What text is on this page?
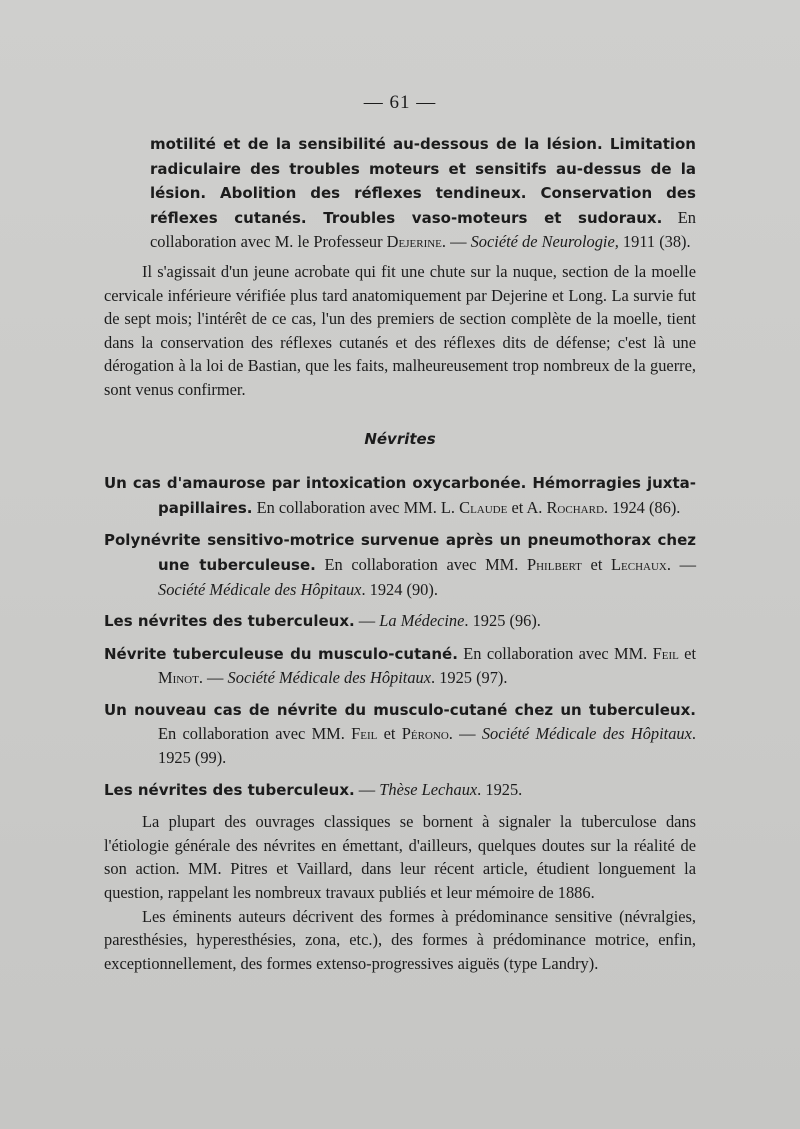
— 61 —

motilité et de la sensibilité au-dessous de la lésion. Limitation radiculaire des troubles moteurs et sensitifs au-dessus de la lésion. Abolition des réflexes tendineux. Conservation des réflexes cutanés. Troubles vaso-moteurs et sudoraux. En collaboration avec M. le Professeur Dejerine. — Société de Neurologie, 1911 (38).

Il s'agissait d'un jeune acrobate qui fit une chute sur la nuque, section de la moelle cervicale inférieure vérifiée plus tard anatomiquement par Dejerine et Long. La survie fut de sept mois; l'intérêt de ce cas, l'un des premiers de section complète de la moelle, tient dans la conservation des réflexes cutanés et des réflexes dits de défense; c'est là une dérogation à la loi de Bastian, que les faits, malheureusement trop nombreux de la guerre, sont venus confirmer.

Névrites

Un cas d'amaurose par intoxication oxycarbonée. Hémorragies juxta-papillaires. En collaboration avec MM. L. Claude et A. Rochard. 1924 (86).

Polynévrite sensitivo-motrice survenue après un pneumothorax chez une tuberculeuse. En collaboration avec MM. Philbert et Lechaux. — Société Médicale des Hôpitaux. 1924 (90).

Les névrites des tuberculeux. — La Médecine. 1925 (96).

Névrite tuberculeuse du musculo-cutané. En collaboration avec MM. Feil et Minot. — Société Médicale des Hôpitaux. 1925 (97).

Un nouveau cas de névrite du musculo-cutané chez un tuberculeux. En collaboration avec MM. Feil et Pérono. — Société Médicale des Hôpitaux. 1925 (99).

Les névrites des tuberculeux. — Thèse Lechaux. 1925.

La plupart des ouvrages classiques se bornent à signaler la tuberculose dans l'étiologie générale des névrites en émettant, d'ailleurs, quelques doutes sur la réalité de son action. MM. Pitres et Vaillard, dans leur récent article, étudient longuement la question, rappelant les nombreux travaux publiés et leur mémoire de 1886.

Les éminents auteurs décrivent des formes à prédominance sensitive (névralgies, paresthésies, hyperesthésies, zona, etc.), des formes à prédominance motrice, enfin, exceptionnellement, des formes extenso-progressives aiguës (type Landry).
